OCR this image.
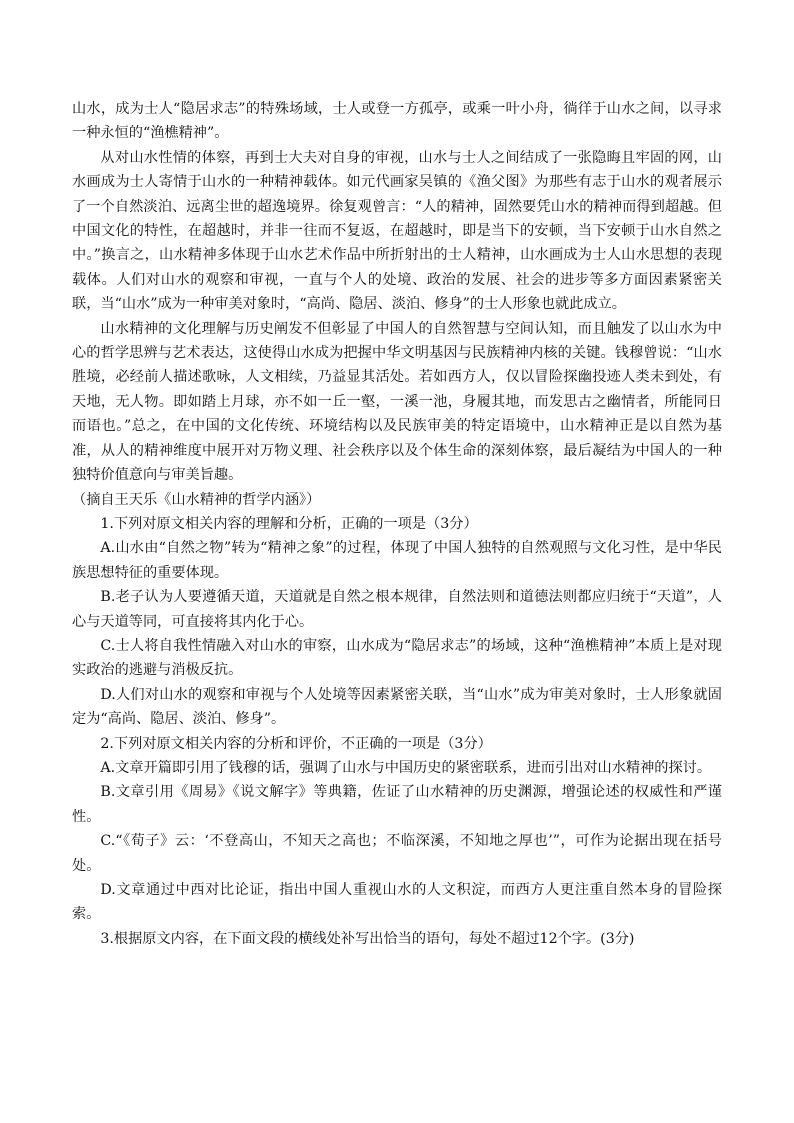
山水，成为士人“隐居求志”的特殊场域，士人或登一方孤亭，或乘一叶小舟，徜徉于山水之间，以寻求一种永恒的“渔樵精神”。

从对山水性情的体察，再到士大夫对自身的审视，山水与士人之间结成了一张隐晦且牢固的网，山水画成为士人寄情于山水的一种精神载体。如元代画家吴镇的《渔父图》为那些有志于山水的观者展示了一个自然淡泊、远离尘世的超逸境界。徐复观曾言：“人的精神，固然要凭山水的精神而得到超越。但中国文化的特性，在超越时，并非一往而不复返，在超越时，即是当下的安顿，当下安顿于山水自然之中。”换言之，山水精神多体现于山水艺术作品中所折射出的士人精神，山水画成为士人山水思想的表现载体。人们对山水的观察和审视，一直与个人的处境、政治的发展、社会的进步等多方面因素紧密关联，当“山水”成为一种审美对象时，“高尚、隐居、淡泊、修身”的士人形象也就此成立。

山水精神的文化理解与历史阐发不但彰显了中国人的自然智慧与空间认知，而且触发了以山水为中心的哲学思辨与艺术表达，这使得山水成为把握中华文明基因与民族精神内核的关键。钱穆曾说：“山水胜境，必经前人描述歌咏，人文相续，乃益显其活处。若如西方人，仅以冒险探幽投迹人类未到处，有天地，无人物。即如踏上月球，亦不如一丘一壑，一溪一池，身履其地，而发思古之幽情者，所能同日而语也。”总之，在中国的文化传统、环境结构以及民族审美的特定语境中，山水精神正是以自然为基准，从人的精神维度中展开对万物义理、社会秩序以及个体生命的深刻体察，最后凝结为中国人的一种独特价值意向与审美旨趣。

（摘自王天乐《山水精神的哲学内涵》）

1.下列对原文相关内容的理解和分析，正确的一项是（3分）

A.山水由“自然之物”转为“精神之象”的过程，体现了中国人独特的自然观照与文化习性，是中华民族思想特征的重要体现。

B.老子认为人要遵循天道，天道就是自然之根本规律，自然法则和道德法则都应归统于“天道”，人心与天道等同，可直接将其内化于心。

C.士人将自我性情融入对山水的审察，山水成为“隐居求志”的场域，这种“渔樵精神”本质上是对现实政治的逃避与消极反抗。

D.人们对山水的观察和审视与个人处境等因素紧密关联，当“山水”成为审美对象时，士人形象就固定为“高尚、隐居、淡泊、修身”。

2.下列对原文相关内容的分析和评价，不正确的一项是（3分）

A.文章开篇即引用了钱穆的话，强调了山水与中国历史的紧密联系，进而引出对山水精神的探讨。

B.文章引用《周易》《说文解字》等典籍，佐证了山水精神的历史渊源，增强论述的权威性和严谨性。

C.“《荀子》云：‘不登高山，不知天之高也；不临深溪，不知地之厚也’”，可作为论据出现在括号处。

D.文章通过中西对比论证，指出中国人重视山水的人文积淀，而西方人更注重自然本身的冒险探索。

3.根据原文内容，在下面文段的横线处补写出恰当的语句，每处不超过12个字。(3分)
